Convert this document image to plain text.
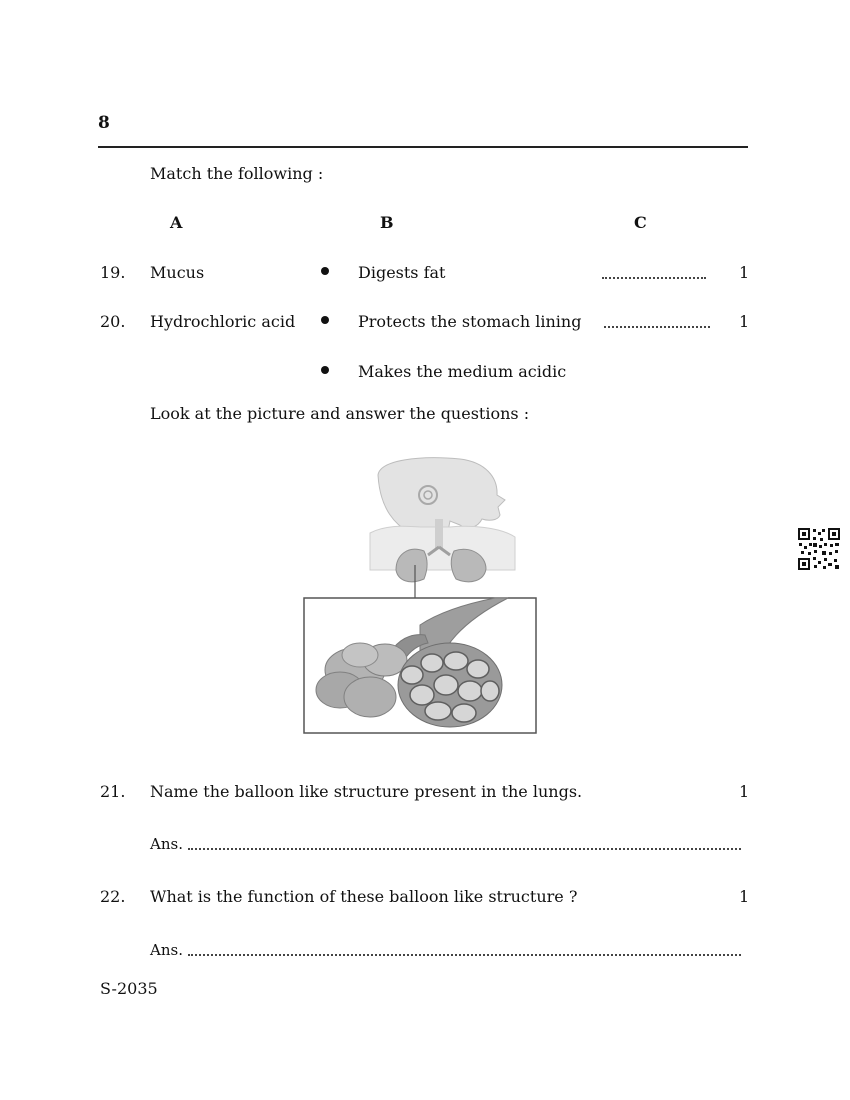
8
Match the following :
A	B	C
19. Mucus	Digests fat	1
20. Hydrochloric acid	Protects the stomach lining	1
Makes the medium acidic
Look at the picture and answer the questions :
21. Name the balloon like structure present in the lungs.	1
Ans.
22. What is the function of these balloon like structure ?	1
Ans.
S-2035
